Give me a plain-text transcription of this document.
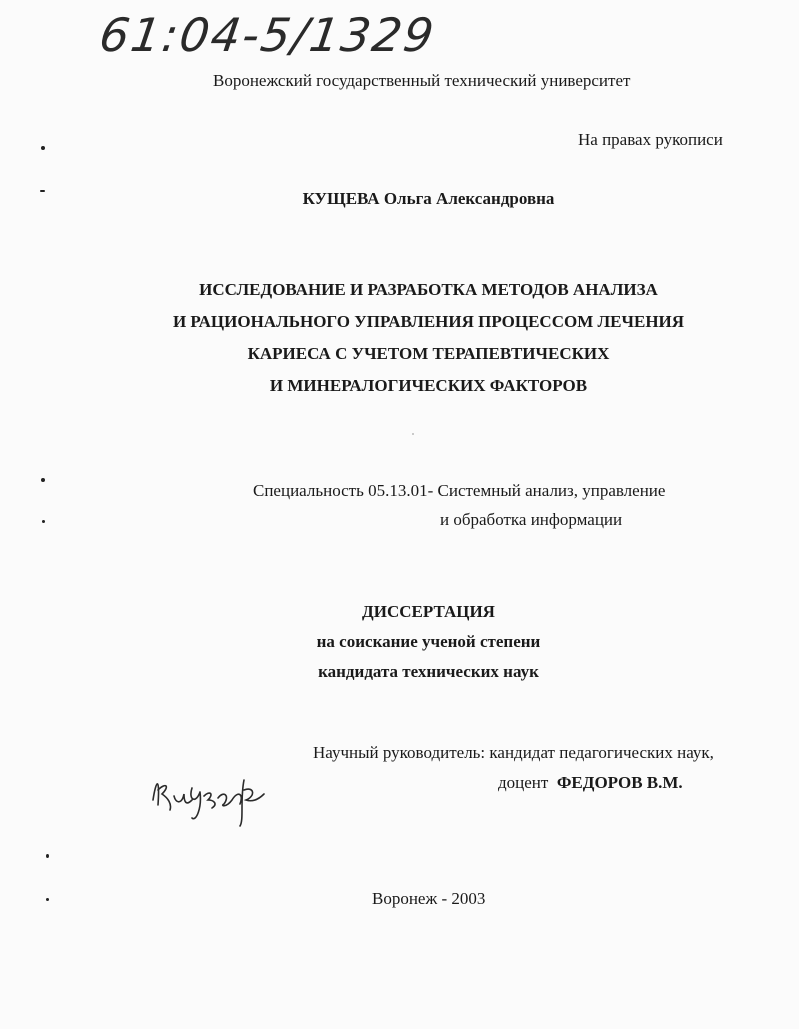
61:04-5/1329
Воронежский государственный технический университет
На правах рукописи
КУЩЕВА Ольга Александровна
ИССЛЕДОВАНИЕ И РАЗРАБОТКА МЕТОДОВ АНАЛИЗА
И РАЦИОНАЛЬНОГО УПРАВЛЕНИЯ ПРОЦЕССОМ ЛЕЧЕНИЯ
КАРИЕСА С УЧЕТОМ ТЕРАПЕВТИЧЕСКИХ
И МИНЕРАЛОГИЧЕСКИХ ФАКТОРОВ
Специальность 05.13.01- Системный анализ, управление
и обработка информации
ДИССЕРТАЦИЯ
на соискание ученой степени
кандидата технических наук
Научный руководитель: кандидат педагогических наук,
доцент ФЕДОРОВ В.М.
Воронеж - 2003
